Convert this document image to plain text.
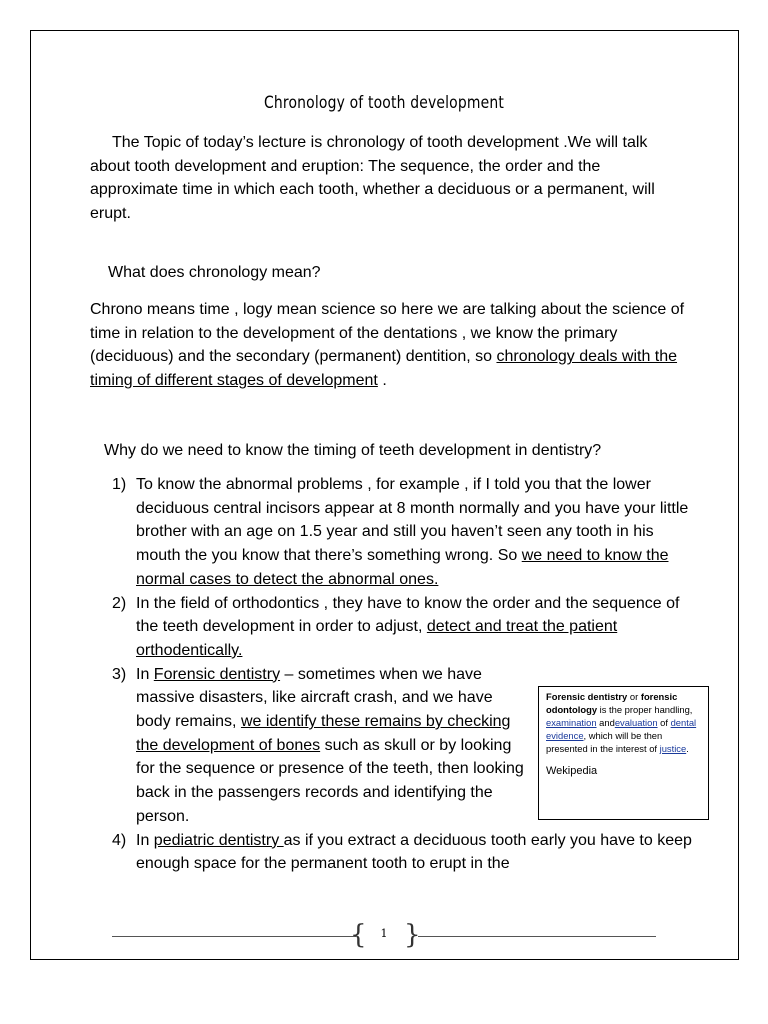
Chronology of tooth development

The Topic of today’s lecture is chronology of tooth development .We will talk about tooth development and eruption: The sequence, the order and the approximate time in which each tooth, whether a deciduous or a permanent, will erupt.

What does chronology mean?

Chrono means time , logy mean science so here we are talking about the science of time in relation to the development of the dentations , we know the primary (deciduous) and the secondary (permanent) dentition, so chronology deals with the timing of different stages of development .

Why do we need to know the timing of teeth development in dentistry?

1) To know the abnormal problems , for example , if I told you that the lower deciduous central incisors appear at 8 month normally and you have your little brother with an age on 1.5 year and still you haven’t seen any tooth in his mouth the you know that there’s something wrong. So we need to know the normal cases to detect the abnormal ones.
2) In the field of orthodontics , they have to know the order and the sequence of the teeth development in order to adjust, detect and treat the patient orthodentically.
3) In Forensic dentistry – sometimes when we have massive disasters, like aircraft crash, and we have body remains, we identify these remains by checking the development of bones such as skull or by looking for the sequence or presence of the teeth, then looking back in the passengers records and identifying the person.
4) In pediatric dentistry as if you extract a deciduous tooth early you have to keep enough space for the permanent tooth to erupt in the
Forensic dentistry or forensic odontology is the proper handling, examination andevaluation of dental evidence, which will be then presented in the interest of justice.
Wekipedia
{ }
1
